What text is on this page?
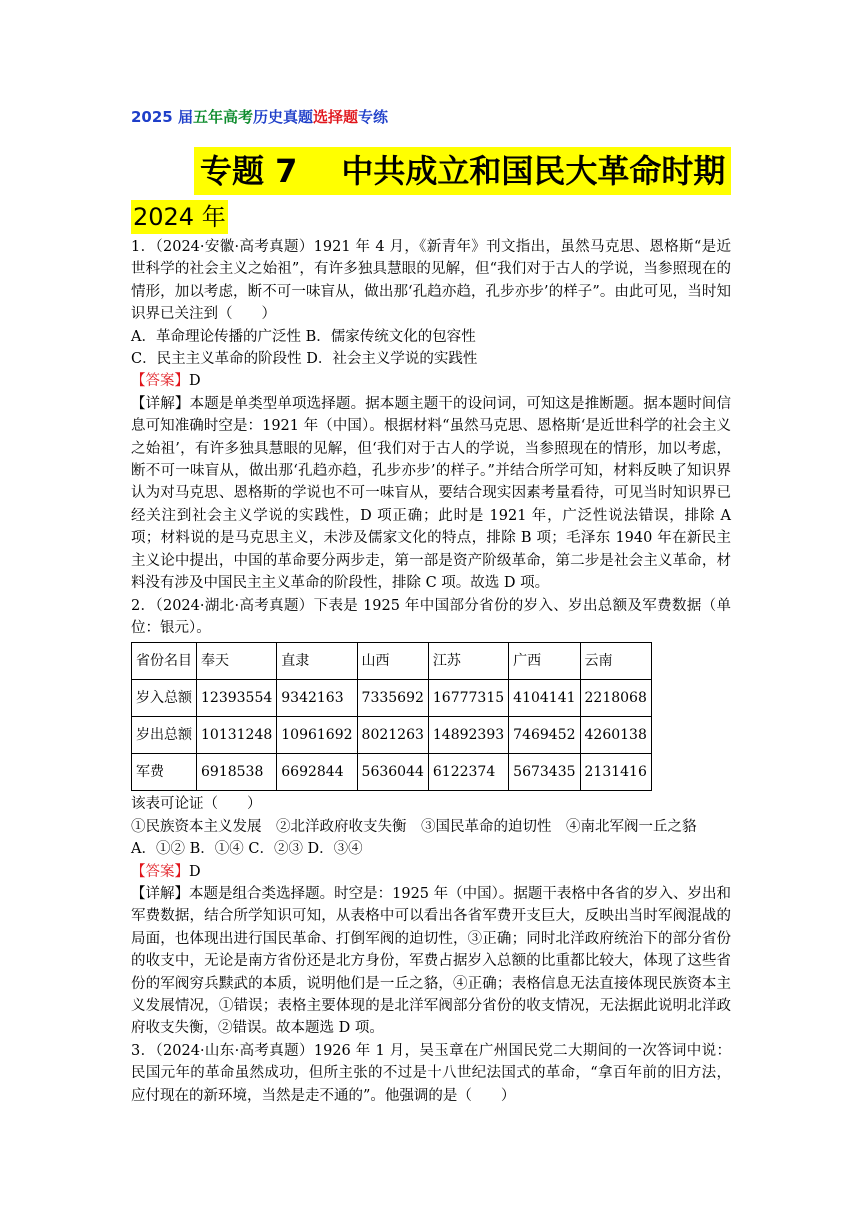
2025 届五年高考历史真题选择题专练
专题 7 中共成立和国民大革命时期
2024 年

1．（2024·安徽·高考真题）1921 年 4 月，《新青年》刊文指出，虽然马克思、恩格斯“是近世科学的社会主义之始祖”，有许多独具慧眼的见解，但“我们对于古人的学说，当参照现在的情形，加以考虑，断不可一味盲从，做出那‘孔趋亦趋，孔步亦步’的样子”。由此可见，当时知识界已关注到（　　）

A．革命理论传播的广泛性 B．儒家传统文化的包容性

C．民主主义革命的阶段性 D．社会主义学说的实践性

【答案】D

【详解】本题是单类型单项选择题。据本题主题干的设问词，可知这是推断题。据本题时间信息可知准确时空是：1921 年（中国）。根据材料“虽然马克思、恩格斯‘是近世科学的社会主义之始祖’，有许多独具慧眼的见解，但‘我们对于古人的学说，当参照现在的情形，加以考虑，断不可一味盲从，做出那‘孔趋亦趋，孔步亦步’的样子。”并结合所学可知，材料反映了知识界认为对马克思、恩格斯的学说也不可一味盲从，要结合现实因素考量看待，可见当时知识界已经关注到社会主义学说的实践性，D 项正确；此时是 1921 年，广泛性说法错误，排除 A 项；材料说的是马克思主义，未涉及儒家文化的特点，排除 B 项；毛泽东 1940 年在新民主主义论中提出，中国的革命要分两步走，第一部是资产阶级革命，第二步是社会主义革命，材料没有涉及中国民主主义革命的阶段性，排除 C 项。故选 D 项。

2．（2024·湖北·高考真题）下表是 1925 年中国部分省份的岁入、岁出总额及军费数据（单位：银元）。

省份名目	奉天	直隶	山西	江苏	广西	云南
岁入总额	12393554	9342163	7335692	16777315	4104141	2218068
岁出总额	10131248	10961692	8021263	14892393	7469452	4260138
军费	6918538	6692844	5636044	6122374	5673435	2131416

该表可论证（　　）

①民族资本主义发展　②北洋政府收支失衡　③国民革命的迫切性　④南北军阀一丘之貉

A．①② B．①④ C．②③ D．③④

【答案】D

【详解】本题是组合类选择题。时空是：1925 年（中国）。据题干表格中各省的岁入、岁出和军费数据，结合所学知识可知，从表格中可以看出各省军费开支巨大，反映出当时军阀混战的局面，也体现出进行国民革命、打倒军阀的迫切性，③正确；同时北洋政府统治下的部分省份的收支中，无论是南方省份还是北方身份，军费占据岁入总额的比重都比较大，体现了这些省份的军阀穷兵黩武的本质，说明他们是一丘之貉，④正确；表格信息无法直接体现民族资本主义发展情况，①错误；表格主要体现的是北洋军阀部分省份的收支情况，无法据此说明北洋政府收支失衡，②错误。故本题选 D 项。

3．（2024·山东·高考真题）1926 年 1 月，吴玉章在广州国民党二大期间的一次答词中说：民国元年的革命虽然成功，但所主张的不过是十八世纪法国式的革命，“拿百年前的旧方法，应付现在的新环境，当然是走不通的”。他强调的是（　　）
